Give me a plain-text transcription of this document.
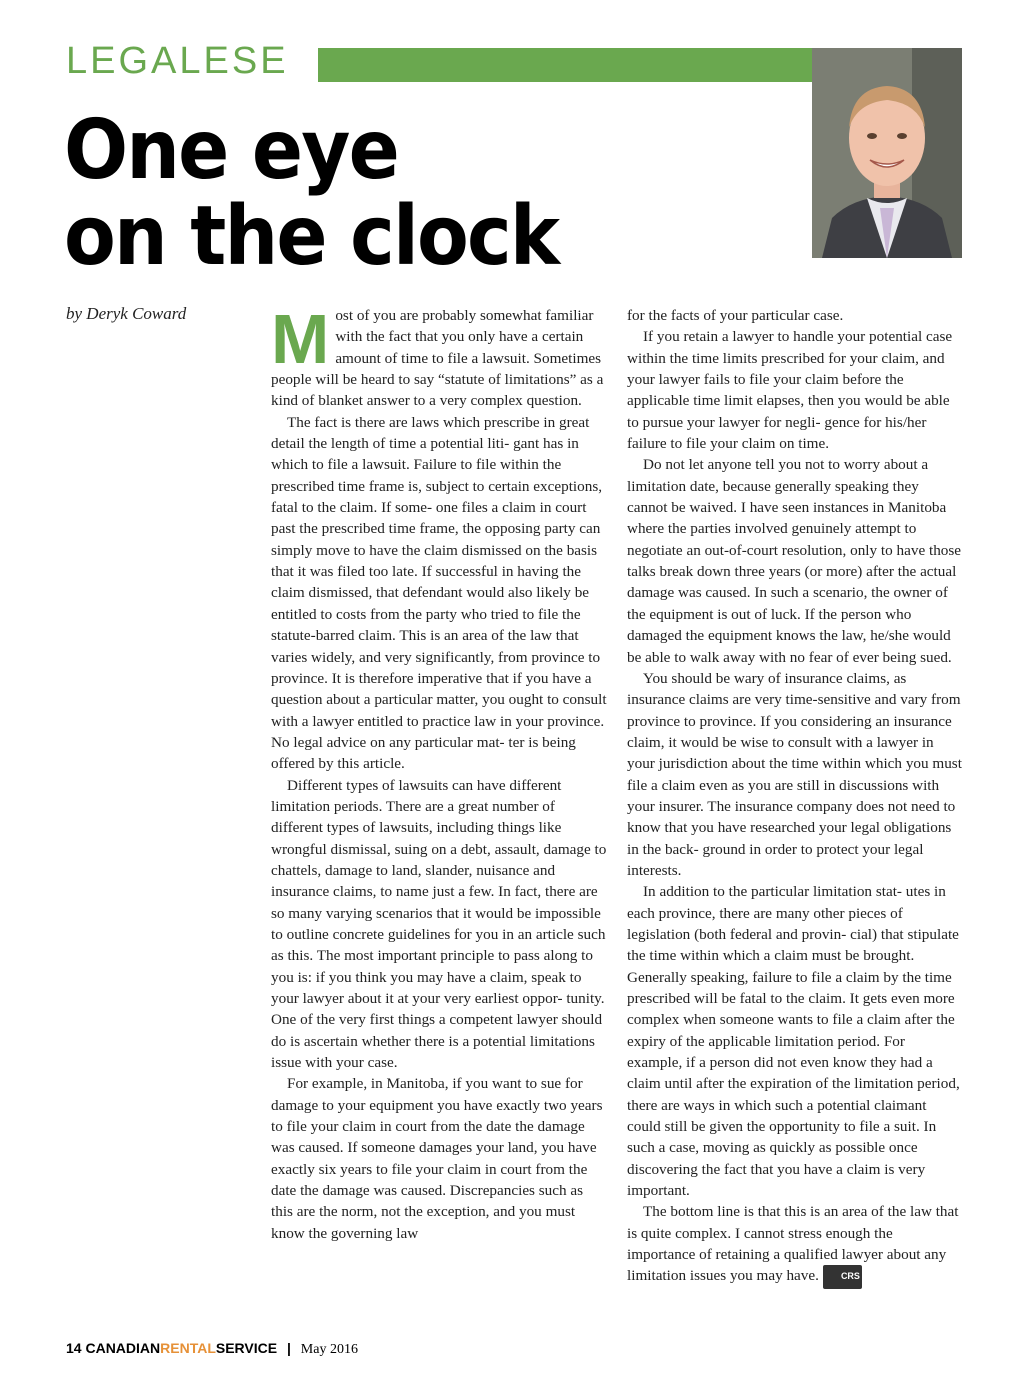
LEGALESE
One eye
on the clock
by Deryk Coward Most of you are probably somewhat familiar with the fact that you only have a certain amount of time to file a lawsuit. Sometimes people will be heard to say “statute of limitations” as a kind of blanket answer to a very complex question.

The fact is there are laws which prescribe in great detail the length of time a potential liti- gant has in which to file a lawsuit. Failure to file within the prescribed time frame is, subject to certain exceptions, fatal to the claim. If some- one files a claim in court past the prescribed time frame, the opposing party can simply move to have the claim dismissed on the basis that it was filed too late. If successful in having the claim dismissed, that defendant would also likely be entitled to costs from the party who tried to file the statute-barred claim. This is an area of the law that varies widely, and very significantly, from province to province. It is therefore imperative that if you have a question about a particular matter, you ought to consult with a lawyer entitled to practice law in your province. No legal advice on any particular mat- ter is being offered by this article.

Different types of lawsuits can have different limitation periods. There are a great number of different types of lawsuits, including things like wrongful dismissal, suing on a debt, assault, damage to chattels, damage to land, slander, nuisance and insurance claims, to name just a few. In fact, there are so many varying scenarios that it would be impossible to outline concrete guidelines for you in an article such as this. The most important principle to pass along to you is: if you think you may have a claim, speak to your lawyer about it at your very earliest oppor- tunity. One of the very first things a competent lawyer should do is ascertain whether there is a potential limitations issue with your case.

For example, in Manitoba, if you want to sue for damage to your equipment you have exactly two years to file your claim in court from the date the damage was caused. If someone damages your land, you have exactly six years to file your claim in court from the date the damage was caused. Discrepancies such as this are the norm, not the exception, and you must know the governing law

for the facts of your particular case.

If you retain a lawyer to handle your potential case within the time limits prescribed for your claim, and your lawyer fails to file your claim before the applicable time limit elapses, then you would be able to pursue your lawyer for negli- gence for his/her failure to file your claim on time.

Do not let anyone tell you not to worry about a limitation date, because generally speaking they cannot be waived. I have seen instances in Manitoba where the parties involved genuinely attempt to negotiate an out-of-court resolution, only to have those talks break down three years (or more) after the actual damage was caused. In such a scenario, the owner of the equipment is out of luck. If the person who damaged the equipment knows the law, he/she would be able to walk away with no fear of ever being sued.

You should be wary of insurance claims, as insurance claims are very time-sensitive and vary from province to province. If you considering an insurance claim, it would be wise to consult with a lawyer in your jurisdiction about the time within which you must file a claim even as you are still in discussions with your insurer. The insurance company does not need to know that you have researched your legal obligations in the back- ground in order to protect your legal interests.

In addition to the particular limitation stat- utes in each province, there are many other pieces of legislation (both federal and provin- cial) that stipulate the time within which a claim must be brought. Generally speaking, failure to file a claim by the time prescribed will be fatal to the claim. It gets even more complex when someone wants to file a claim after the expiry of the applicable limitation period. For example, if a person did not even know they had a claim until after the expiration of the limitation period, there are ways in which such a potential claimant could still be given the opportunity to file a suit. In such a case, moving as quickly as possible once discovering the fact that you have a claim is very important.

The bottom line is that this is an area of the law that is quite complex. I cannot stress enough the importance of retaining a qualified lawyer about any limitation issues you may have. CRS

14 CANADIANRENTALSERVICE | May 2016
